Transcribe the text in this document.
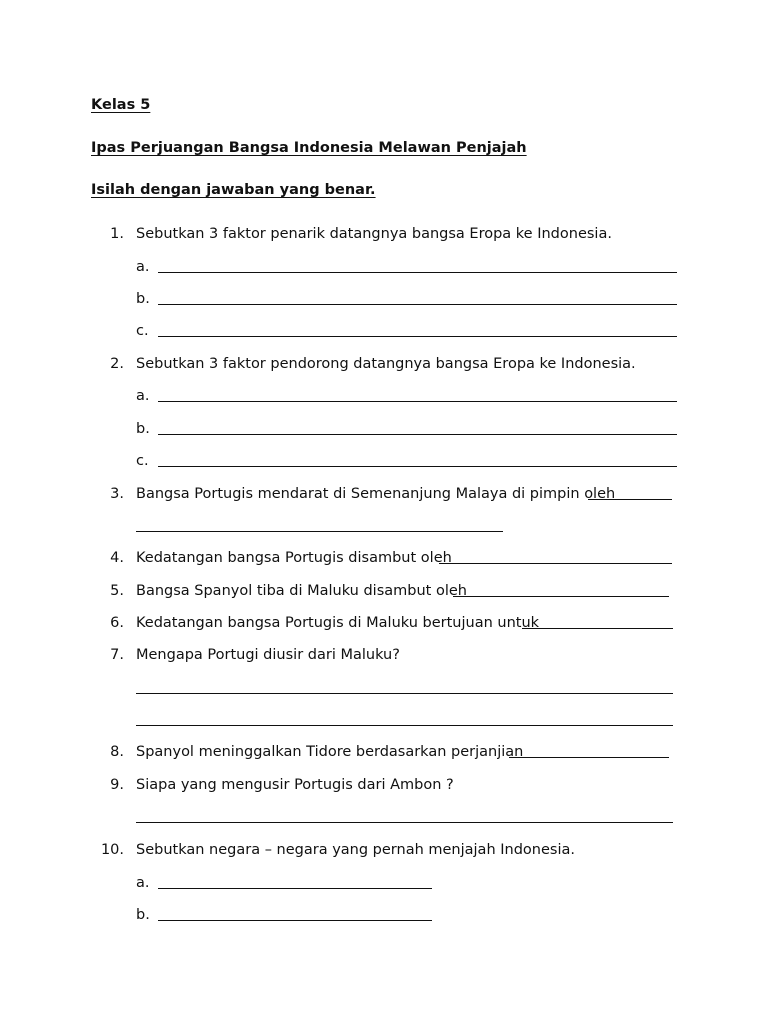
Kelas 5
Ipas Perjuangan Bangsa Indonesia Melawan Penjajah
Isilah dengan jawaban yang benar.
1. Sebutkan 3 faktor penarik datangnya bangsa Eropa ke Indonesia.
a.
b.
c.
2. Sebutkan 3 faktor pendorong datangnya bangsa Eropa ke Indonesia.
a.
b.
c.
3. Bangsa Portugis mendarat di Semenanjung Malaya di pimpin oleh
4. Kedatangan bangsa Portugis disambut oleh
5. Bangsa Spanyol tiba di Maluku disambut oleh
6. Kedatangan bangsa Portugis di Maluku bertujuan untuk
7. Mengapa Portugi diusir dari Maluku?
8. Spanyol meninggalkan Tidore berdasarkan perjanjian
9. Siapa yang mengusir Portugis dari Ambon ?
10. Sebutkan negara – negara yang pernah menjajah Indonesia.
a.
b.
